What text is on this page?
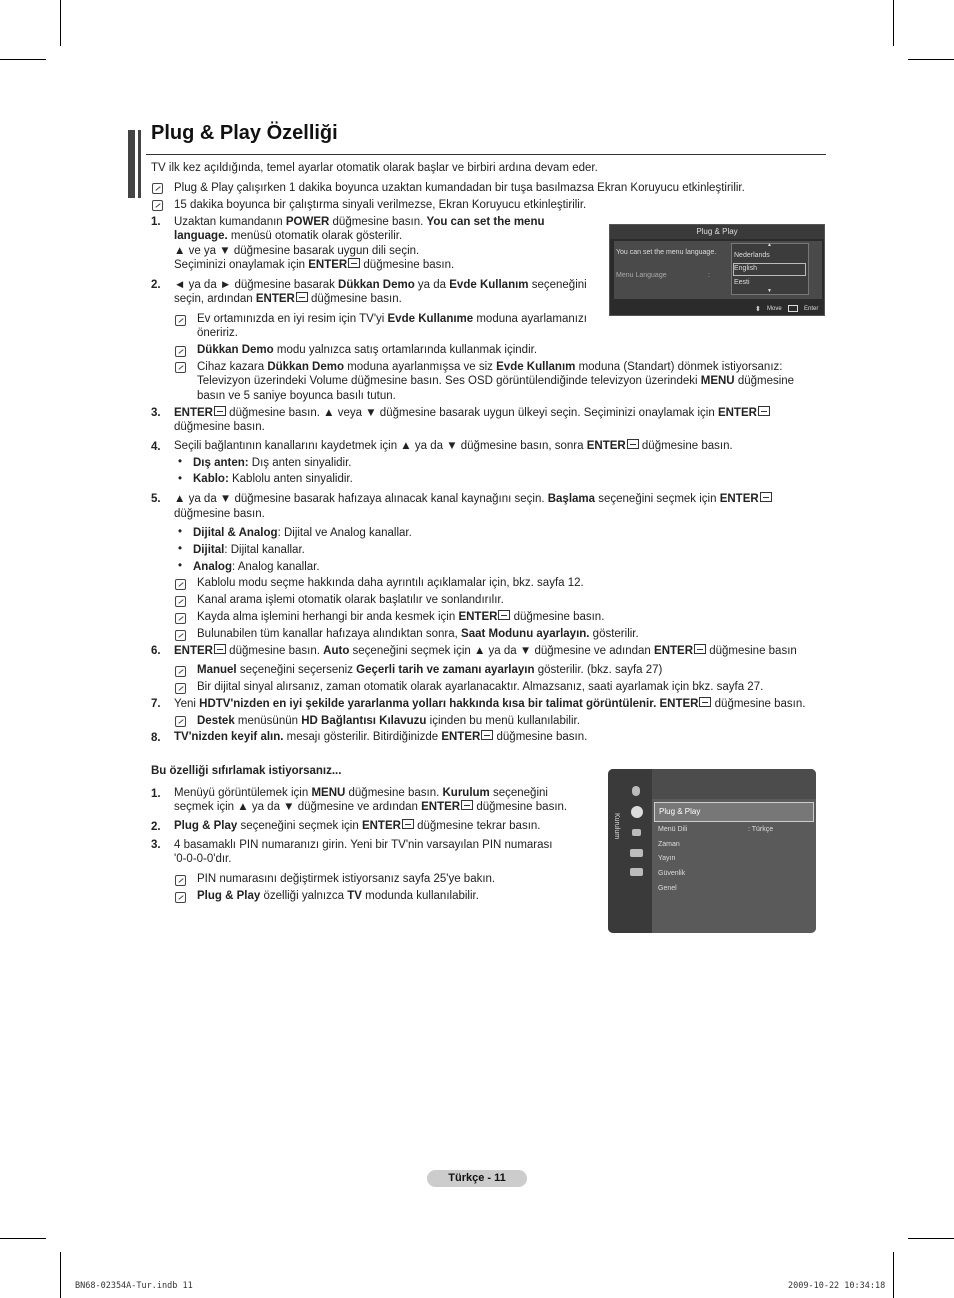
Plug & Play Özelliği
TV ilk kez açıldığında, temel ayarlar otomatik olarak başlar ve birbiri ardına devam eder.
Plug & Play çalışırken 1 dakika boyunca uzaktan kumandadan bir tuşa basılmazsa Ekran Koruyucu etkinleştirilir.
15 dakika boyunca bir çalıştırma sinyali verilmezse, Ekran Koruyucu etkinleştirilir.
1. Uzaktan kumandanın POWER düğmesine basın. You can set the menu
language. menüsü otomatik olarak gösterilir.
▲ ve ya ▼ düğmesine basarak uygun dili seçin.
Seçiminizi onaylamak için ENTER düğmesine basın.
Plug & Play
You can set the menu language.
Menu Language	:
▲
Nederlands
English
Eesti
▼
⬍ Move	Enter
2. ◄ ya da ► düğmesine basarak Dükkan Demo ya da Evde Kullanım seçeneğini
seçin, ardından ENTER düğmesine basın.
Ev ortamınızda en iyi resim için TV'yi Evde Kullanıme moduna ayarlamanızı
öneririz.
Dükkan Demo modu yalnızca satış ortamlarında kullanmak içindir.
Cihaz kazara Dükkan Demo moduna ayarlanmışsa ve siz Evde Kullanım moduna (Standart) dönmek istiyorsanız:
Televizyon üzerindeki Volume düğmesine basın. Ses OSD görüntülendiğinde televizyon üzerindeki MENU düğmesine
basın ve 5 saniye boyunca basılı tutun.
3. ENTER düğmesine basın. ▲ veya ▼ düğmesine basarak uygun ülkeyi seçin. Seçiminizi onaylamak için ENTER
düğmesine basın.
4. Seçili bağlantının kanallarını kaydetmek için ▲ ya da ▼ düğmesine basın, sonra ENTER düğmesine basın.
• Dış anten: Dış anten sinyalidir.
• Kablo: Kablolu anten sinyalidir.
5. ▲ ya da ▼ düğmesine basarak hafızaya alınacak kanal kaynağını seçin. Başlama seçeneğini seçmek için ENTER
düğmesine basın.
• Dijital & Analog: Dijital ve Analog kanallar.
• Dijital: Dijital kanallar.
• Analog: Analog kanallar.
Kablolu modu seçme hakkında daha ayrıntılı açıklamalar için, bkz. sayfa 12.
Kanal arama işlemi otomatik olarak başlatılır ve sonlandırılır.
Kayda alma işlemini herhangi bir anda kesmek için ENTER düğmesine basın.
Bulunabilen tüm kanallar hafızaya alındıktan sonra, Saat Modunu ayarlayın. gösterilir.
6. ENTER düğmesine basın. Auto seçeneğini seçmek için ▲ ya da ▼ düğmesine ve adından ENTER düğmesine basın
Manuel seçeneğini seçerseniz Geçerli tarih ve zamanı ayarlayın gösterilir. (bkz. sayfa 27)
Bir dijital sinyal alırsanız, zaman otomatik olarak ayarlanacaktır. Almazsanız, saati ayarlamak için bkz. sayfa 27.
7. Yeni HDTV'nizden en iyi şekilde yararlanma yolları hakkında kısa bir talimat görüntülenir. ENTER düğmesine basın.
Destek menüsünün HD Bağlantısı Kılavuzu içinden bu menü kullanılabilir.
8. TV'nizden keyif alın. mesajı gösterilir. Bitirdiğinizde ENTER düğmesine basın.
Bu özelliği sıfırlamak istiyorsanız...
1. Menüyü görüntülemek için MENU düğmesine basın. Kurulum seçeneğini
seçmek için ▲ ya da ▼ düğmesine ve ardından ENTER düğmesine basın.
2. Plug & Play seçeneğini seçmek için ENTER düğmesine tekrar basın.
3. 4 basamaklı PIN numaranızı girin. Yeni bir TV'nin varsayılan PIN numarası
'0-0-0-0'dır.
PIN numarasını değiştirmek istiyorsanız sayfa 25'ye bakın.
Plug & Play özelliği yalnızca TV modunda kullanılabilir.
Kurulum
Plug & Play
Menü Dili	: Türkçe
Zaman
Yayın
Güvenlik
Genel
Türkçe - 11
BN68-02354A-Tur.indb 11	2009-10-22 10:34:18
